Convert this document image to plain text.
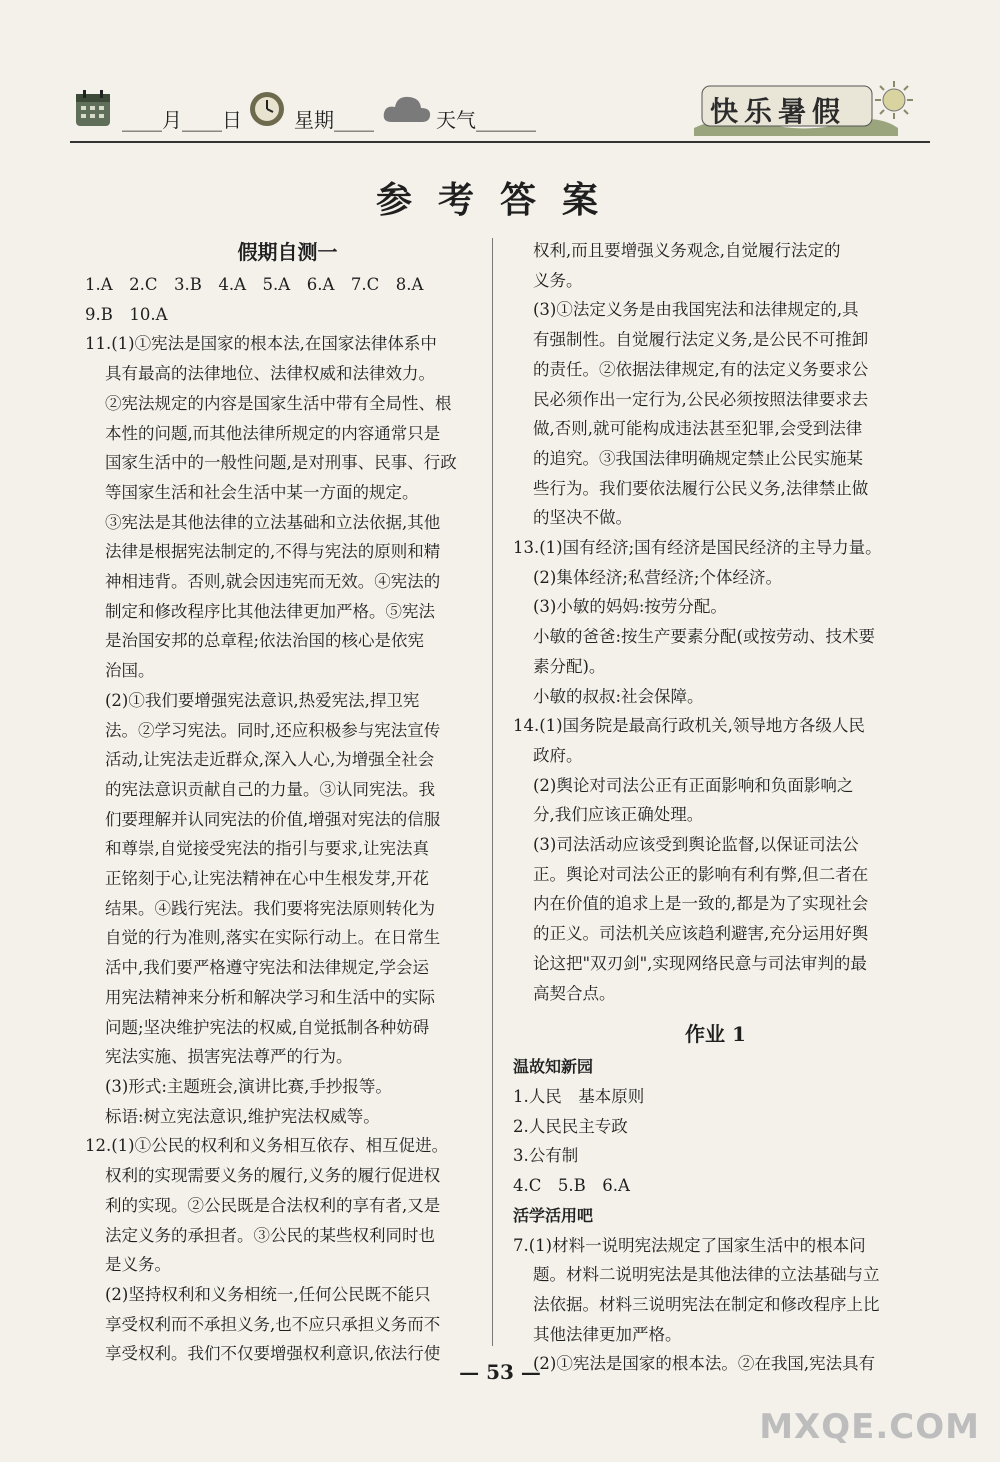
____月____日	星期____	天气______	快乐暑假
参考答案
假期自测一
1.A　2.C　3.B　4.A　5.A　6.A　7.C　8.A
9.B　10.A
11.(1)①宪法是国家的根本法,在国家法律体系中
具有最高的法律地位、法律权威和法律效力。
②宪法规定的内容是国家生活中带有全局性、根
本性的问题,而其他法律所规定的内容通常只是
国家生活中的一般性问题,是对刑事、民事、行政
等国家生活和社会生活中某一方面的规定。
③宪法是其他法律的立法基础和立法依据,其他
法律是根据宪法制定的,不得与宪法的原则和精
神相违背。否则,就会因违宪而无效。④宪法的
制定和修改程序比其他法律更加严格。⑤宪法
是治国安邦的总章程;依法治国的核心是依宪
治国。
(2)①我们要增强宪法意识,热爱宪法,捍卫宪
法。②学习宪法。同时,还应积极参与宪法宣传
活动,让宪法走近群众,深入人心,为增强全社会
的宪法意识贡献自己的力量。③认同宪法。我
们要理解并认同宪法的价值,增强对宪法的信服
和尊崇,自觉接受宪法的指引与要求,让宪法真
正铭刻于心,让宪法精神在心中生根发芽,开花
结果。④践行宪法。我们要将宪法原则转化为
自觉的行为准则,落实在实际行动上。在日常生
活中,我们要严格遵守宪法和法律规定,学会运
用宪法精神来分析和解决学习和生活中的实际
问题;坚决维护宪法的权威,自觉抵制各种妨碍
宪法实施、损害宪法尊严的行为。
(3)形式:主题班会,演讲比赛,手抄报等。
标语:树立宪法意识,维护宪法权威等。
12.(1)①公民的权利和义务相互依存、相互促进。
权利的实现需要义务的履行,义务的履行促进权
利的实现。②公民既是合法权利的享有者,又是
法定义务的承担者。③公民的某些权利同时也
是义务。
(2)坚持权利和义务相统一,任何公民既不能只
享受权利而不承担义务,也不应只承担义务而不
享受权利。我们不仅要增强权利意识,依法行使
权利,而且要增强义务观念,自觉履行法定的
义务。
(3)①法定义务是由我国宪法和法律规定的,具
有强制性。自觉履行法定义务,是公民不可推卸
的责任。②依据法律规定,有的法定义务要求公
民必须作出一定行为,公民必须按照法律要求去
做,否则,就可能构成违法甚至犯罪,会受到法律
的追究。③我国法律明确规定禁止公民实施某
些行为。我们要依法履行公民义务,法律禁止做
的坚决不做。
13.(1)国有经济;国有经济是国民经济的主导力量。
(2)集体经济;私营经济;个体经济。
(3)小敏的妈妈:按劳分配。
小敏的爸爸:按生产要素分配(或按劳动、技术要
素分配)。
小敏的叔叔:社会保障。
14.(1)国务院是最高行政机关,领导地方各级人民
政府。
(2)舆论对司法公正有正面影响和负面影响之
分,我们应该正确处理。
(3)司法活动应该受到舆论监督,以保证司法公
正。舆论对司法公正的影响有利有弊,但二者在
内在价值的追求上是一致的,都是为了实现社会
的正义。司法机关应该趋利避害,充分运用好舆
论这把"双刃剑",实现网络民意与司法审判的最
高契合点。
作业 1
温故知新园
1.人民　基本原则
2.人民民主专政
3.公有制
4.C　5.B　6.A
活学活用吧
7.(1)材料一说明宪法规定了国家生活中的根本问
题。材料二说明宪法是其他法律的立法基础与立
法依据。材料三说明宪法在制定和修改程序上比
其他法律更加严格。
(2)①宪法是国家的根本法。②在我国,宪法具有
— 53 —
MXQE.COM
